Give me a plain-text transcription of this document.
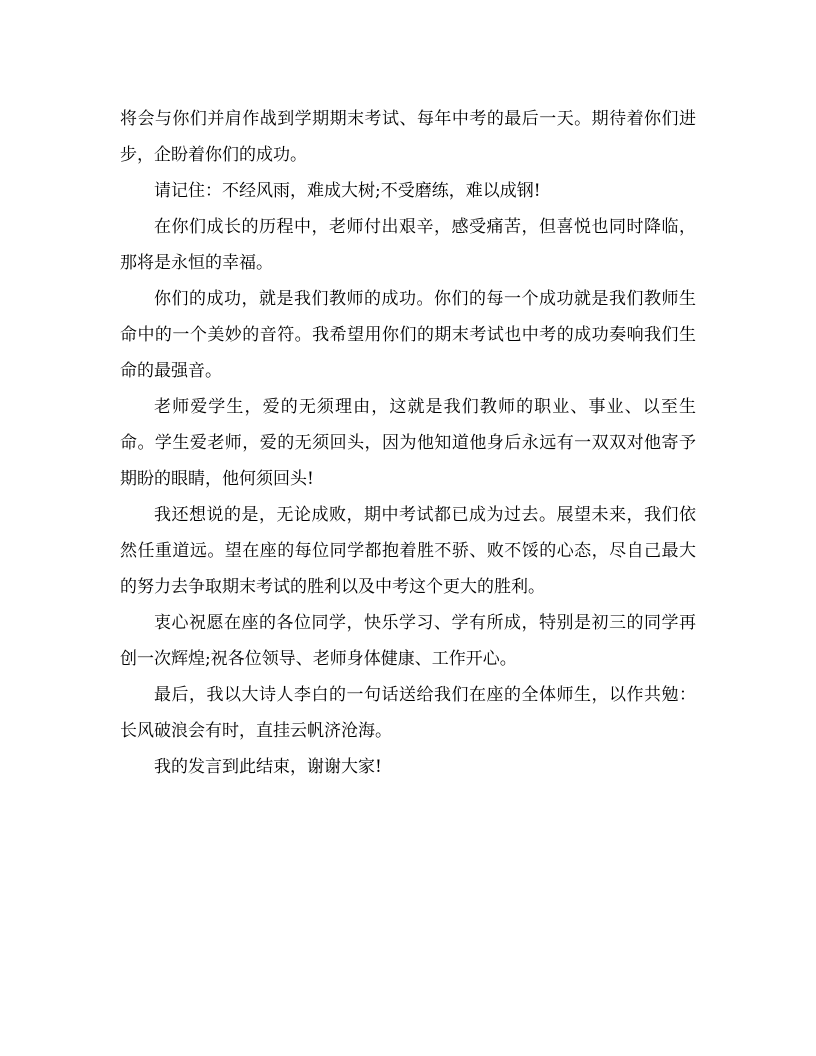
将会与你们并肩作战到学期期末考试、每年中考的最后一天。期待着你们进步，企盼着你们的成功。

请记住：不经风雨，难成大树;不受磨练，难以成钢!

在你们成长的历程中，老师付出艰辛，感受痛苦，但喜悦也同时降临，那将是永恒的幸福。

你们的成功，就是我们教师的成功。你们的每一个成功就是我们教师生命中的一个美妙的音符。我希望用你们的期末考试也中考的成功奏响我们生命的最强音。

老师爱学生，爱的无须理由，这就是我们教师的职业、事业、以至生命。学生爱老师，爱的无须回头，因为他知道他身后永远有一双双对他寄予期盼的眼睛，他何须回头!

我还想说的是，无论成败，期中考试都已成为过去。展望未来，我们依然任重道远。望在座的每位同学都抱着胜不骄、败不馁的心态，尽自己最大的努力去争取期末考试的胜利以及中考这个更大的胜利。

衷心祝愿在座的各位同学，快乐学习、学有所成，特别是初三的同学再创一次辉煌;祝各位领导、老师身体健康、工作开心。

最后，我以大诗人李白的一句话送给我们在座的全体师生，以作共勉：长风破浪会有时，直挂云帆济沧海。

我的发言到此结束，谢谢大家!
